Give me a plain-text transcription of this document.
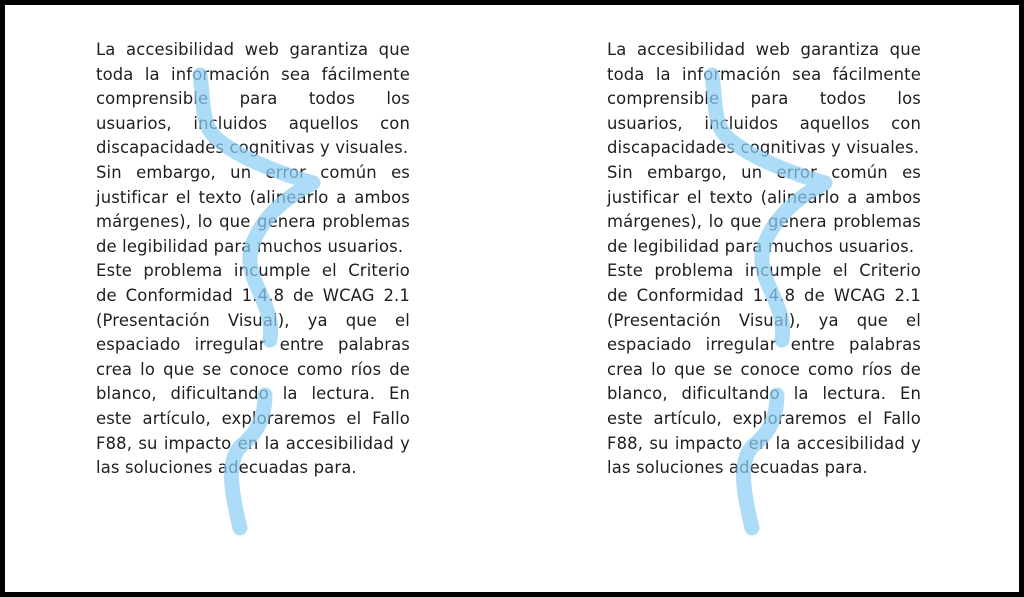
La accesibilidad web garantiza que toda la información sea fácilmente comprensible para todos los usuarios, incluidos aquellos con discapacidades cognitivas y visuales.

Sin embargo, un error común es justificar el texto (alinearlo a ambos márgenes), lo que genera problemas de legibilidad para muchos usuarios.

Este problema incumple el Criterio de Conformidad 1.4.8 de WCAG 2.1 (Presentación Visual), ya que el espaciado irregular entre palabras crea lo que se conoce como ríos de blanco, dificultando la lectura. En este artículo, exploraremos el Fallo F88, su impacto en la accesibilidad y las soluciones adecuadas para.

La accesibilidad web garantiza que toda la información sea fácilmente comprensible para todos los usuarios, incluidos aquellos con discapacidades cognitivas y visuales.

Sin embargo, un error común es justificar el texto (alinearlo a ambos márgenes), lo que genera problemas de legibilidad para muchos usuarios.

Este problema incumple el Criterio de Conformidad 1.4.8 de WCAG 2.1 (Presentación Visual), ya que el espaciado irregular entre palabras crea lo que se conoce como ríos de blanco, dificultando la lectura. En este artículo, exploraremos el Fallo F88, su impacto en la accesibilidad y las soluciones adecuadas para.
